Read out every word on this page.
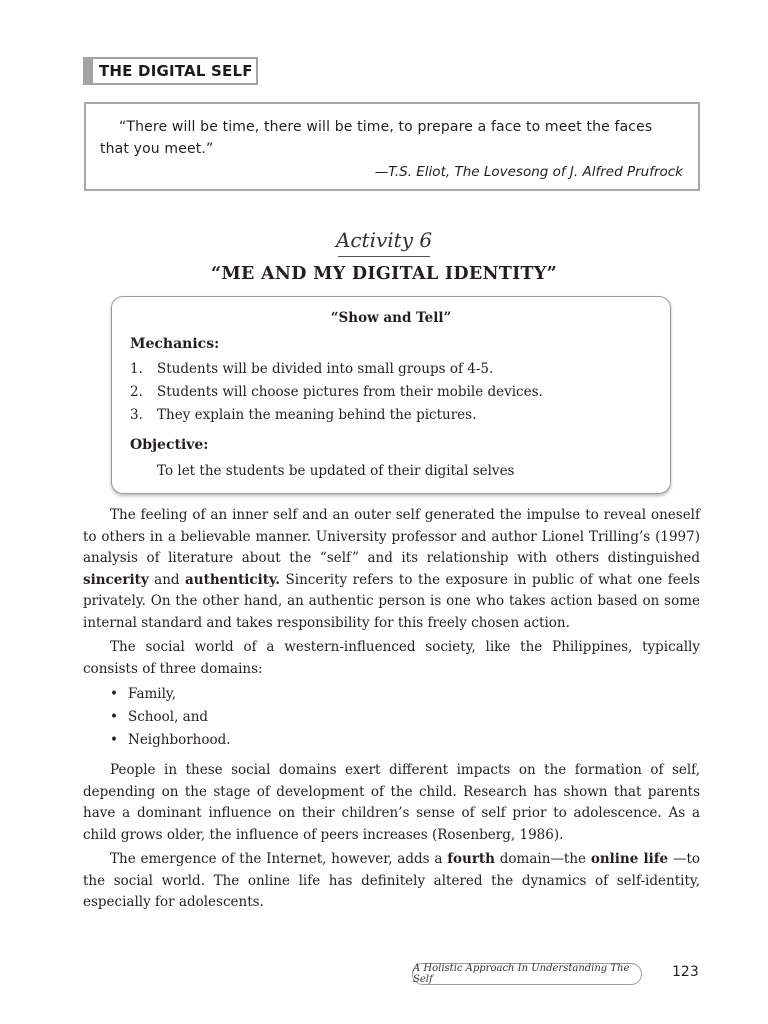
THE DIGITAL SELF
“There will be time, there will be time, to prepare a face to meet the faces that you meet.”
—T.S. Eliot, The Lovesong of J. Alfred Prufrock
Activity 6
“ME AND MY DIGITAL IDENTITY”
“Show and Tell”
Mechanics:
1.	Students will be divided into small groups of 4-5.
2.	Students will choose pictures from their mobile devices.
3.	They explain the meaning behind the pictures.
Objective:
To let the students be updated of their digital selves

The feeling of an inner self and an outer self generated the impulse to reveal oneself to others in a believable manner. University professor and author Lionel Trilling’s (1997) analysis of literature about the “self” and its relationship with others distinguished sincerity and authenticity. Sincerity refers to the exposure in public of what one feels privately. On the other hand, an authentic person is one who takes action based on some internal standard and takes responsibility for this freely chosen action.

The social world of a western-influenced society, like the Philippines, typically consists of three domains:

• Family,
• School, and
• Neighborhood.

People in these social domains exert different impacts on the formation of self, depending on the stage of development of the child. Research has shown that parents have a dominant influence on their children’s sense of self prior to adolescence. As a child grows older, the influence of peers increases (Rosenberg, 1986).

The emergence of the Internet, however, adds a fourth domain—the online life —to the social world. The online life has definitely altered the dynamics of self-identity, especially for adolescents.

A Holistic Approach In Understanding The Self	123
